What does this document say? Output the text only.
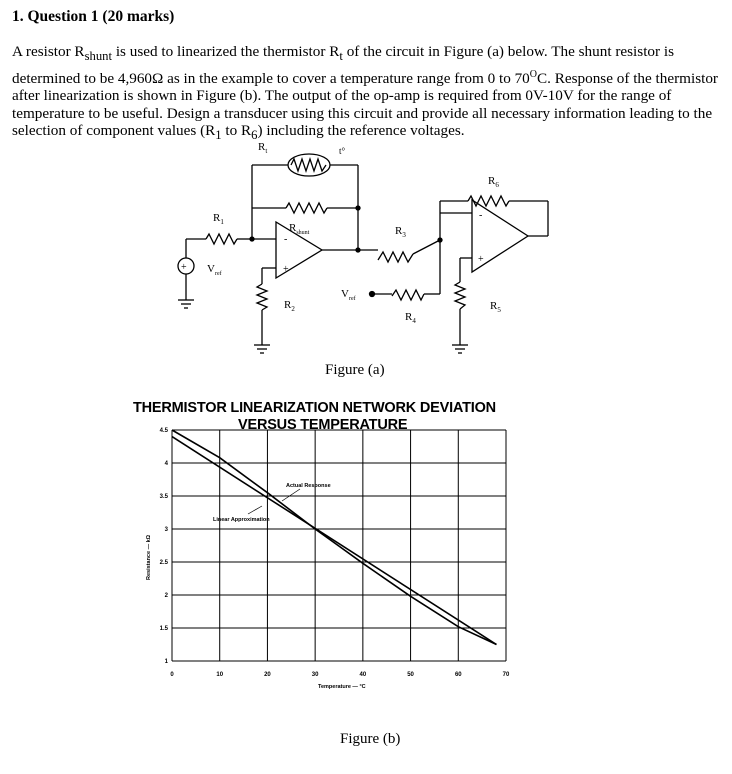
1. Question 1 (20 marks)

A resistor $R_{shunt}$ is used to linearized the thermistor $R_t$ of the circuit in Figure (a) below. The shunt resistor is determined to be 4,960Ω as in the example to cover a temperature range from 0 to $70^OC$. Response of the thermistor after linearization is shown in Figure (b). The output of the op-amp is required from 0V-10V for the range of temperature to be useful. Design a transducer using this circuit and provide all necessary information leading to the selection of component values ($R_1$ to $R_6$) including the reference voltages.

$R_t$	t°
$R_1$	$R_{shunt}$	$R_3$
$R_6$
$V_{ref}$
$R_2$
$V_{ref}$
$R_4$
$R_5$
+
-
+
-
+
Figure (a)
THERMISTOR LINEARIZATION NETWORK DEVIATION
VERSUS TEMPERATURE
0	10	20	30	40	50	60	70
1
1.5
2
2.5
3
3.5
4
4.5
Temperature — °C
Resistance — kΩ
Actual Response
Linear Approximation
Figure (b)
